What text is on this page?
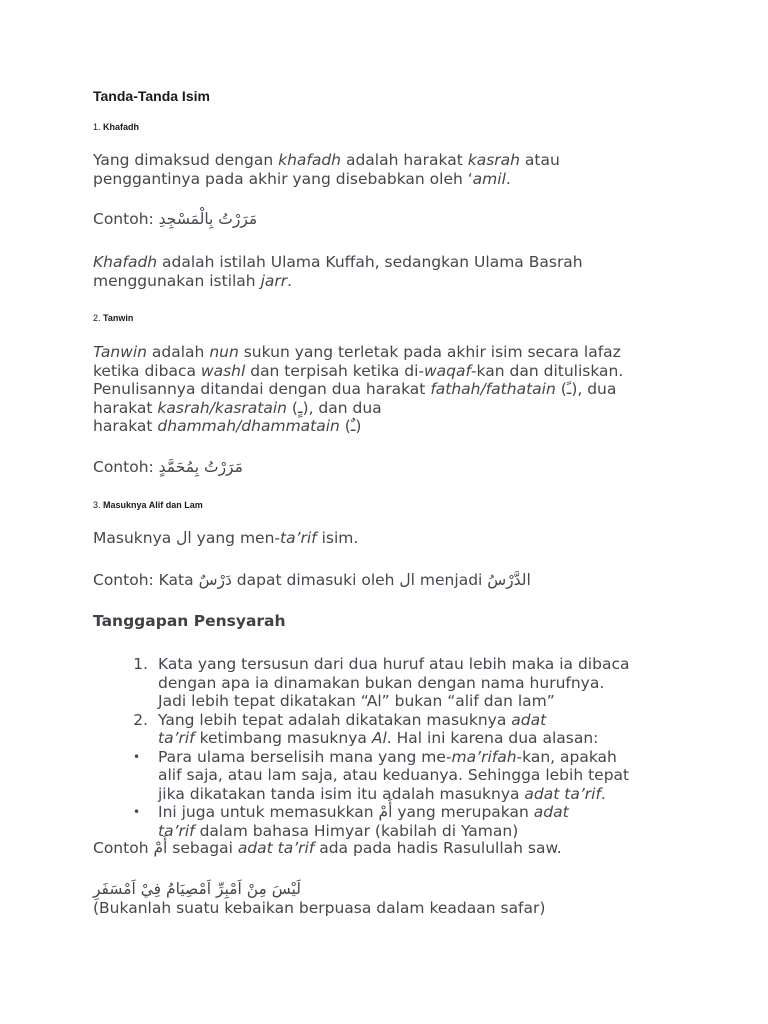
Tanda-Tanda Isim
1. Khafadh

Yang dimaksud dengan khafadh adalah harakat kasrah atau
penggantinya pada akhir yang disebabkan oleh ‘amil.

Contoh: مَرَرْتُ بِالْمَسْجِدِ

Khafadh adalah istilah Ulama Kuffah, sedangkan Ulama Basrah
menggunakan istilah jarr.

2. Tanwin

Tanwin adalah nun sukun yang terletak pada akhir isim secara lafaz
ketika dibaca washl dan terpisah ketika di-waqaf-kan dan dituliskan.
Penulisannya ditandai dengan dua harakat fathah/fathatain (ـً), dua
harakat kasrah/kasratain (ـٍ), dan dua
harakat dhammah/dhammatain (ـٌ)

Contoh: مَرَرْتُ بِمُحَمَّدٍ

3. Masuknya Alif dan Lam

Masuknya ال yang men-ta’rif isim.

Contoh: Kata دَرْسٌ dapat dimasuki oleh ال menjadi الدَّرْسُ

Tanggapan Pensyarah
1. Kata yang tersusun dari dua huruf atau lebih maka ia dibaca
dengan apa ia dinamakan bukan dengan nama hurufnya.
Jadi lebih tepat dikatakan “Al” bukan “alif dan lam”
2. Yang lebih tepat adalah dikatakan masuknya adat
ta’rif ketimbang masuknya Al. Hal ini karena dua alasan:
• Para ulama berselisih mana yang me-ma’rifah-kan, apakah
alif saja, atau lam saja, atau keduanya. Sehingga lebih tepat
jika dikatakan tanda isim itu adalah masuknya adat ta’rif.
• Ini juga untuk memasukkan أَمْ yang merupakan adat
ta’rif dalam bahasa Himyar (kabilah di Yaman)

Contoh أَمْ sebagai adat ta’rif ada pada hadis Rasulullah saw.

لَيْسَ مِنْ اَمْبِرِّ اَمْصِيَامُ فِيْ اَمْسَفَرِ

(Bukanlah suatu kebaikan berpuasa dalam keadaan safar)
